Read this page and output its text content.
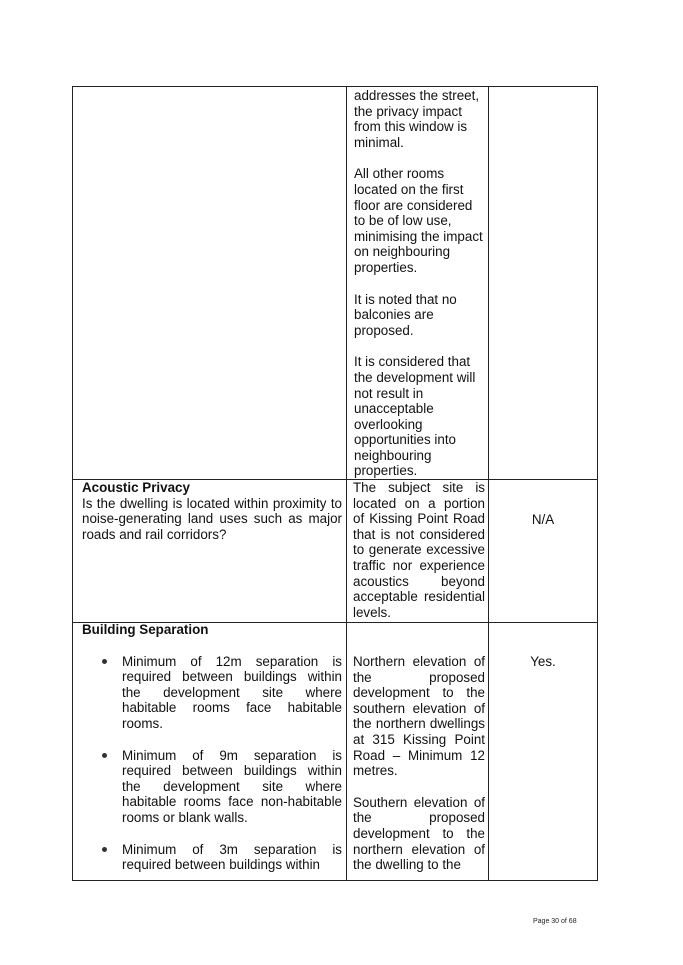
addresses the street, the privacy impact from this window is minimal.

All other rooms located on the first floor are considered to be of low use, minimising the impact on neighbouring properties.

It is noted that no balconies are proposed.

It is considered that the development will not result in unacceptable overlooking opportunities into neighbouring properties.

Acoustic Privacy
Is the dwelling is located within proximity to noise-generating land uses such as major roads and rail corridors?
The subject site is located on a portion of Kissing Point Road that is not considered to generate excessive traffic nor experience acoustics beyond acceptable residential levels.
N/A
Building Separation
Minimum of 12m separation is required between buildings within the development site where habitable rooms face habitable rooms.
Minimum of 9m separation is required between buildings within the development site where habitable rooms face non-habitable rooms or blank walls.
Minimum of 3m separation is required between buildings within

Northern elevation of the proposed development to the southern elevation of the northern dwellings at 315 Kissing Point Road – Minimum 12 metres.

Southern elevation of the proposed development to the northern elevation of the dwelling to the

Yes.
Page 30 of 68
